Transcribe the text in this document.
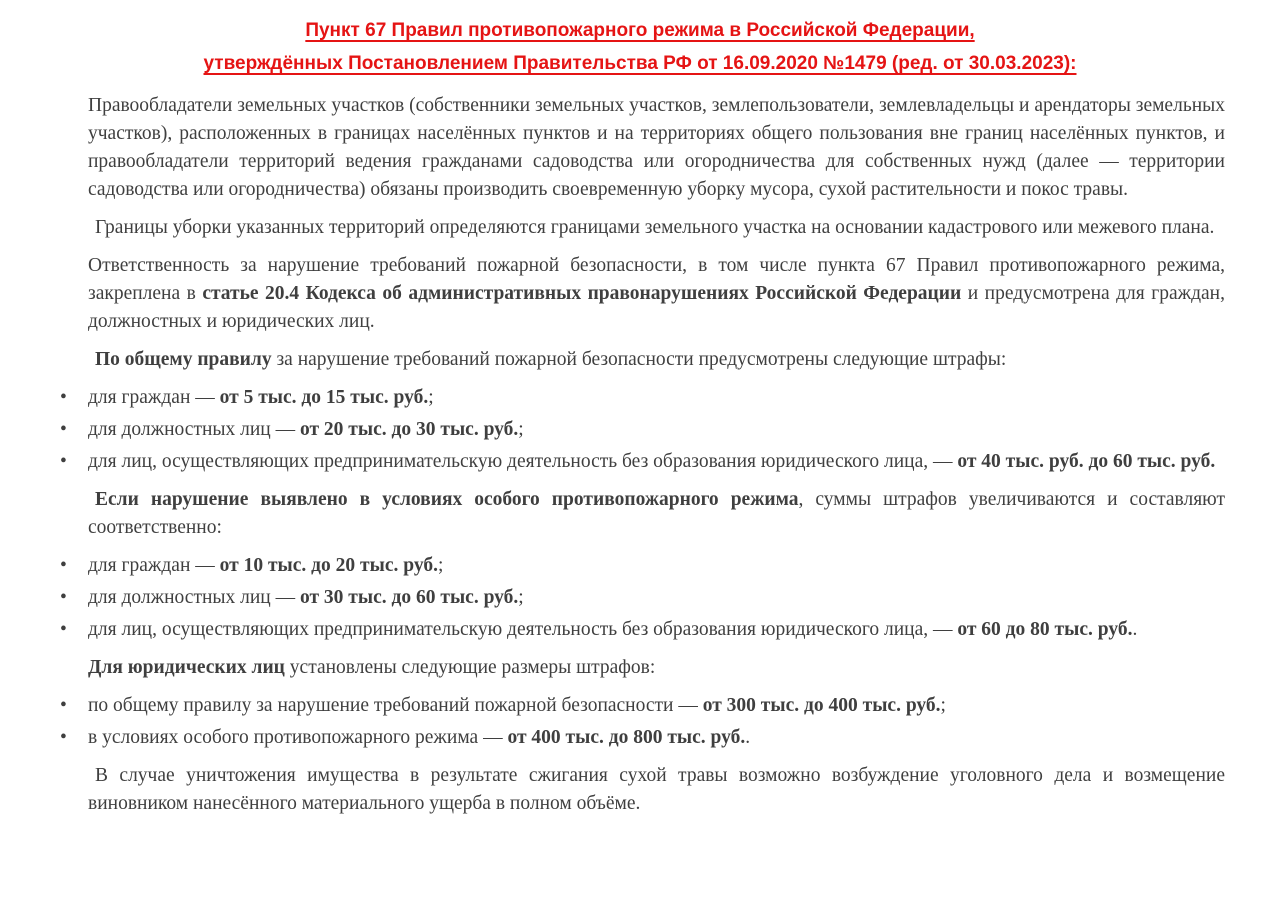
Пункт 67 Правил противопожарного режима в Российской Федерации,
утверждённых Постановлением Правительства РФ от 16.09.2020 №1479 (ред. от 30.03.2023):

Правообладатели земельных участков (собственники земельных участков, землепользователи, землевладельцы и арендаторы земельных участков), расположенных в границах населённых пунктов и на территориях общего пользования вне границ населённых пунктов, и правообладатели территорий ведения гражданами садоводства или огородничества для собственных нужд (далее — территории садоводства или огородничества) обязаны производить своевременную уборку мусора, сухой растительности и покос травы.

Границы уборки указанных территорий определяются границами земельного участка на основании кадастрового или межевого плана.

Ответственность за нарушение требований пожарной безопасности, в том числе пункта 67 Правил противопожарного режима, закреплена в статье 20.4 Кодекса об административных правонарушениях Российской Федерации и предусмотрена для граждан, должностных и юридических лиц.

По общему правилу за нарушение требований пожарной безопасности предусмотрены следующие штрафы:

• для граждан — от 5 тыс. до 15 тыс. руб.;
• для должностных лиц — от 20 тыс. до 30 тыс. руб.;
• для лиц, осуществляющих предпринимательскую деятельность без образования юридического лица, — от 40 тыс. руб. до 60 тыс. руб.

Если нарушение выявлено в условиях особого противопожарного режима, суммы штрафов увеличиваются и составляют соответственно:

• для граждан — от 10 тыс. до 20 тыс. руб.;
• для должностных лиц — от 30 тыс. до 60 тыс. руб.;
• для лиц, осуществляющих предпринимательскую деятельность без образования юридического лица, — от 60 до 80 тыс. руб..

Для юридических лиц установлены следующие размеры штрафов:

• по общему правилу за нарушение требований пожарной безопасности — от 300 тыс. до 400 тыс. руб.;
• в условиях особого противопожарного режима — от 400 тыс. до 800 тыс. руб..

В случае уничтожения имущества в результате сжигания сухой травы возможно возбуждение уголовного дела и возмещение виновником нанесённого материального ущерба в полном объёме.
